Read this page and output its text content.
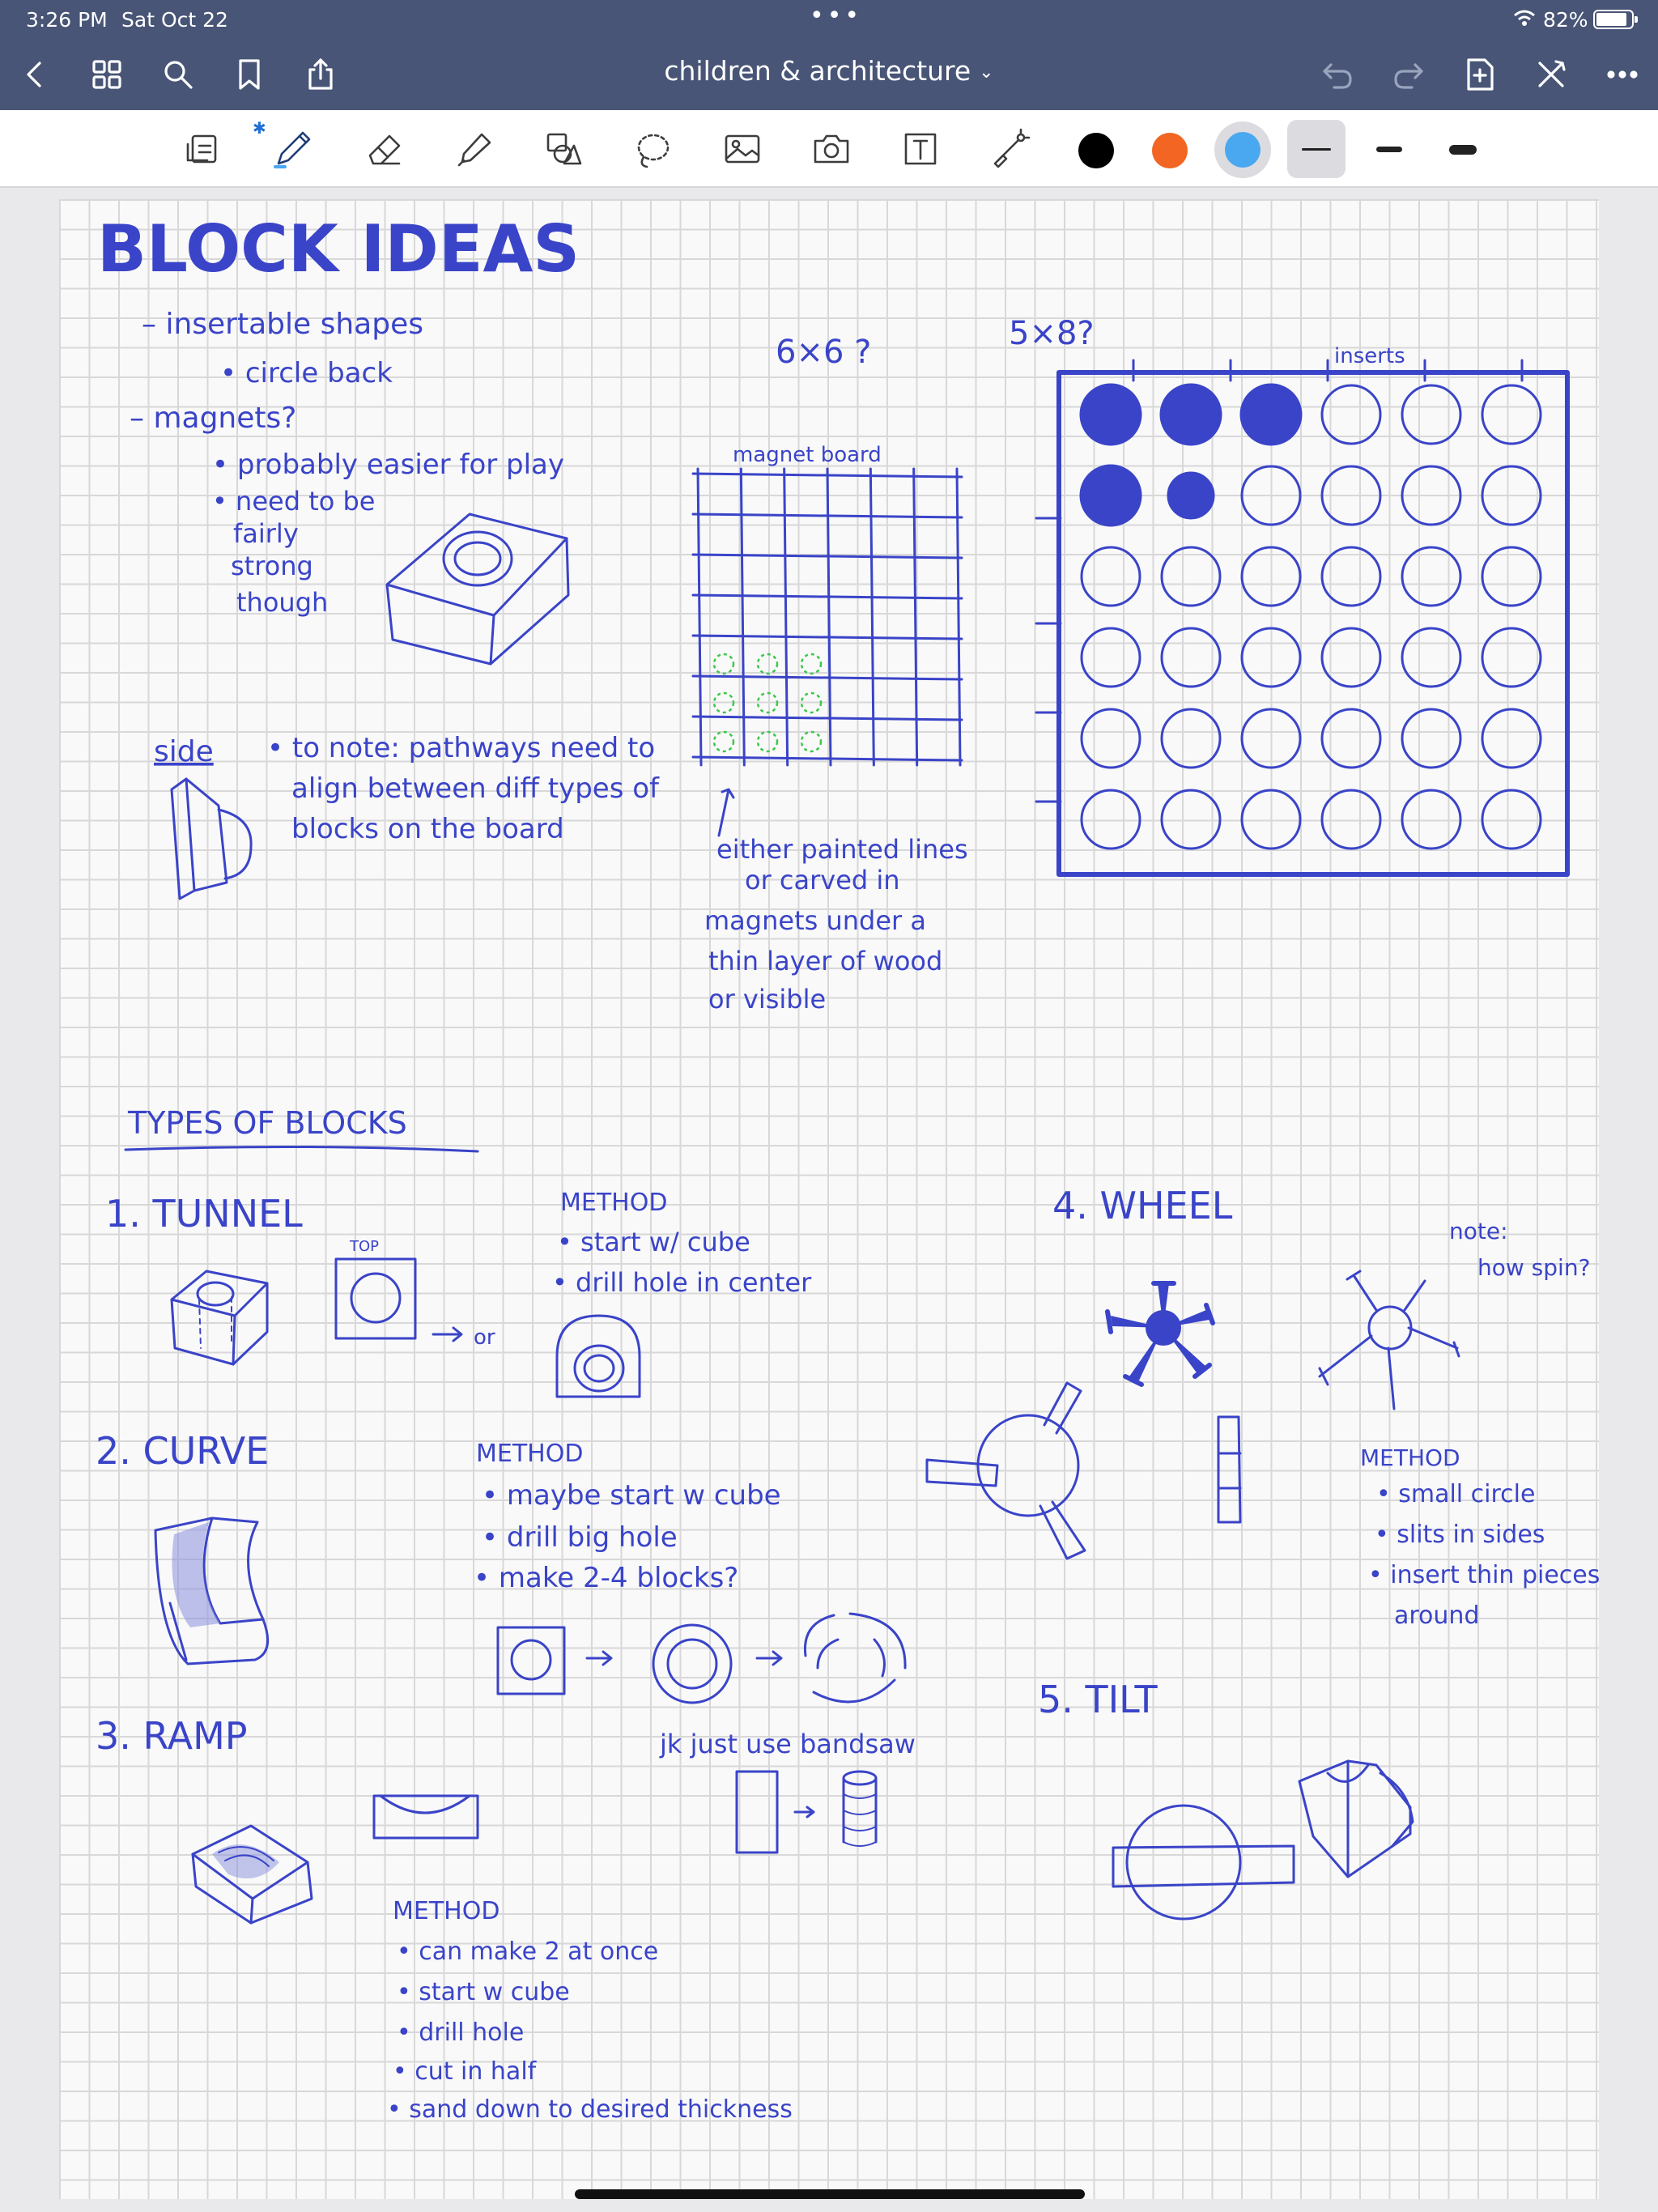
3:26 PM Sat Oct 22	•••	82%
children & architecture ⌄
✱
BLOCK IDEAS
– insertable shapes
• circle back
– magnets?
• probably easier for play
• need to be
fairly
strong
though
6×6 ?	5×8?
inserts
magnet board
side • to note: pathways need to
align between diff types of
blocks on the board
either painted lines
or carved in
magnets under a
thin layer of wood
or visible
TYPES OF BLOCKS
1. TUNNEL
TOP
or
METHOD
• start w/ cube
• drill hole in center
2. CURVE	METHOD
• maybe start w cube
• drill big hole
• make 2-4 blocks?
jk just use bandsaw
3. RAMP
METHOD
• can make 2 at once
• start w cube
• drill hole
• cut in half
• sand down to desired thickness
4. WHEEL
note:
how spin?
METHOD
• small circle
• slits in sides
• insert thin pieces
around
5. TILT
